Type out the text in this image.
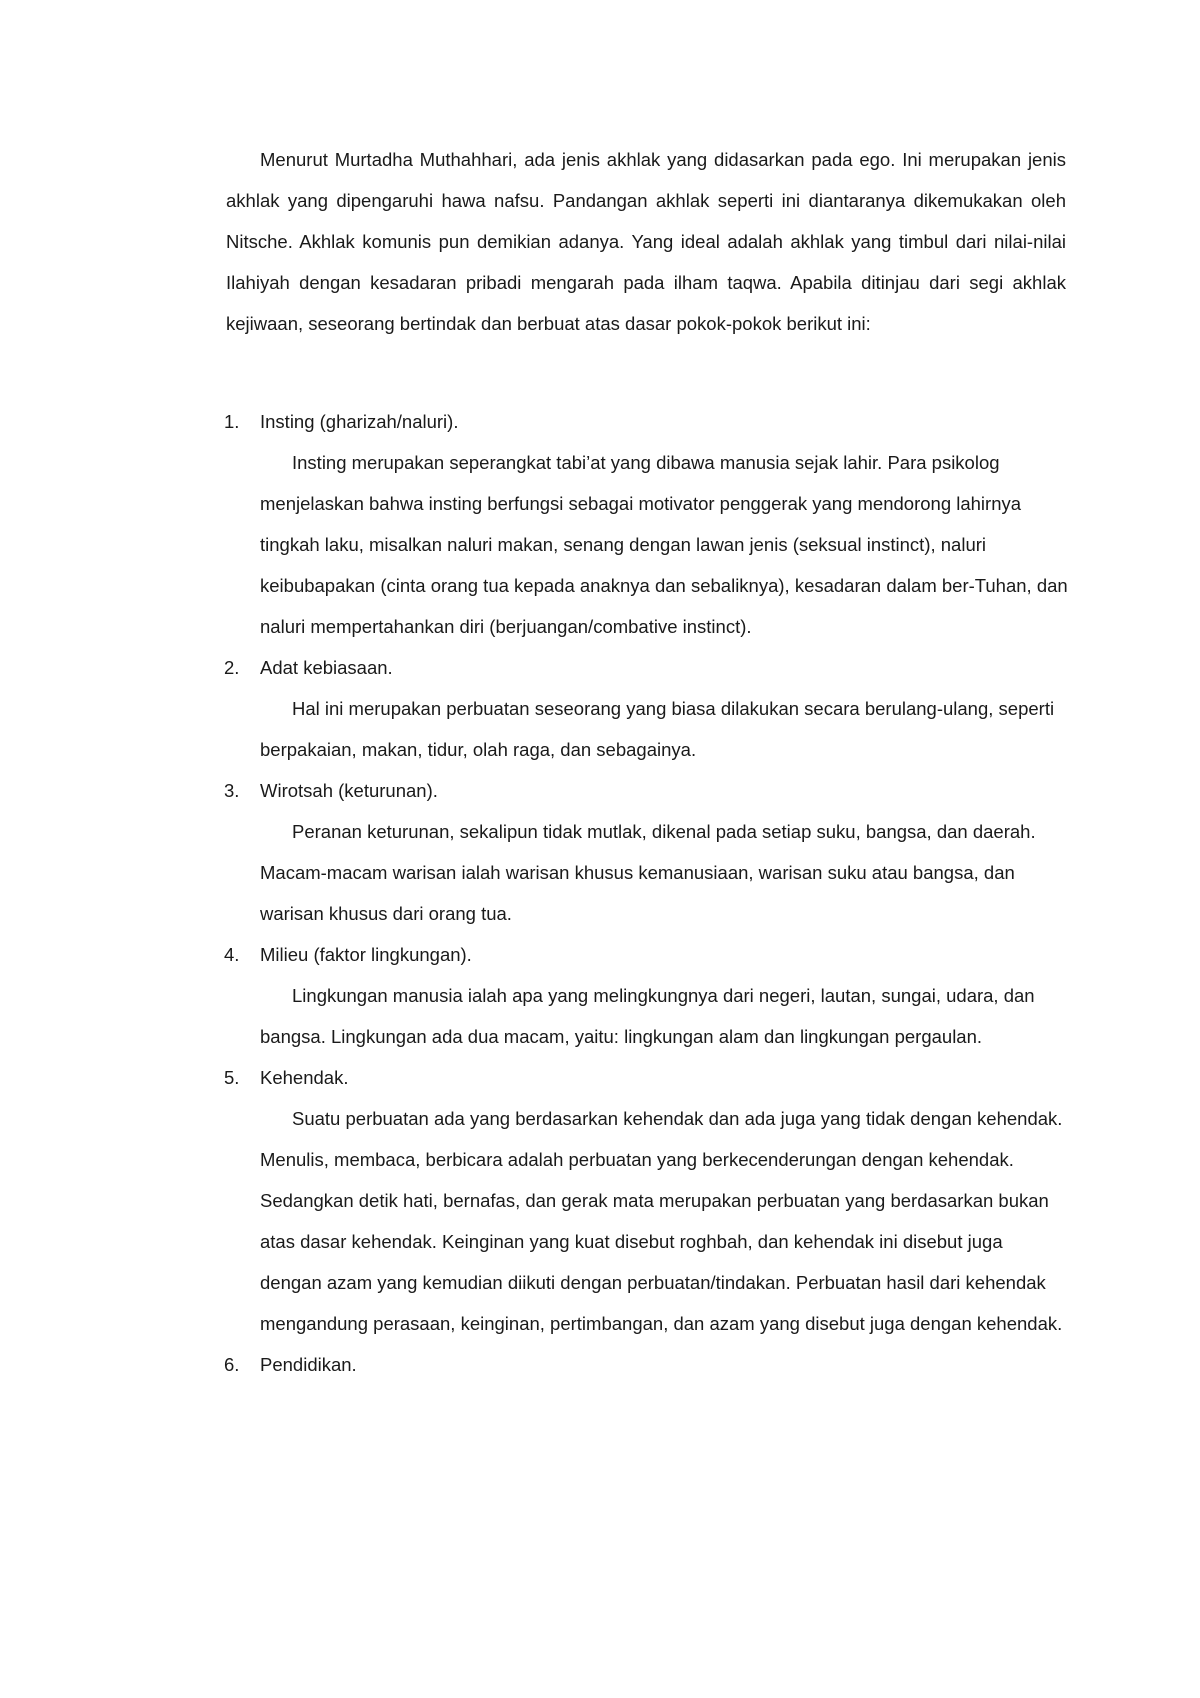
Menurut Murtadha Muthahhari, ada jenis akhlak yang didasarkan pada ego. Ini merupakan jenis akhlak yang dipengaruhi hawa nafsu. Pandangan akhlak seperti ini diantaranya dikemukakan oleh Nitsche. Akhlak komunis pun demikian adanya. Yang ideal adalah akhlak yang timbul dari nilai-nilai Ilahiyah dengan kesadaran pribadi mengarah pada ilham taqwa. Apabila ditinjau dari segi akhlak kejiwaan, seseorang bertindak dan berbuat atas dasar pokok-pokok berikut ini:

1. Insting (gharizah/naluri).

Insting merupakan seperangkat tabi’at yang dibawa manusia sejak lahir. Para psikolog menjelaskan bahwa insting berfungsi sebagai motivator penggerak yang mendorong lahirnya tingkah laku, misalkan naluri makan, senang dengan lawan jenis (seksual instinct), naluri keibubapakan (cinta orang tua kepada anaknya dan sebaliknya), kesadaran dalam ber-Tuhan, dan naluri mempertahankan diri (berjuangan/combative instinct).

2. Adat kebiasaan.

Hal ini merupakan perbuatan seseorang yang biasa dilakukan secara berulang-ulang, seperti berpakaian, makan, tidur, olah raga, dan sebagainya.

3. Wirotsah (keturunan).

Peranan keturunan, sekalipun tidak mutlak, dikenal pada setiap suku, bangsa, dan daerah. Macam-macam warisan ialah warisan khusus kemanusiaan, warisan suku atau bangsa, dan warisan khusus dari orang tua.

4. Milieu (faktor lingkungan).

Lingkungan manusia ialah apa yang melingkungnya dari negeri, lautan, sungai, udara, dan bangsa. Lingkungan ada dua macam, yaitu: lingkungan alam dan lingkungan pergaulan.

5. Kehendak.

Suatu perbuatan ada yang berdasarkan kehendak dan ada juga yang tidak dengan kehendak. Menulis, membaca, berbicara adalah perbuatan yang berkecenderungan dengan kehendak. Sedangkan detik hati, bernafas, dan gerak mata merupakan perbuatan yang berdasarkan bukan atas dasar kehendak. Keinginan yang kuat disebut roghbah, dan kehendak ini disebut juga dengan azam yang kemudian diikuti dengan perbuatan/tindakan. Perbuatan hasil dari kehendak mengandung perasaan, keinginan, pertimbangan, dan azam yang disebut juga dengan kehendak.

6. Pendidikan.
